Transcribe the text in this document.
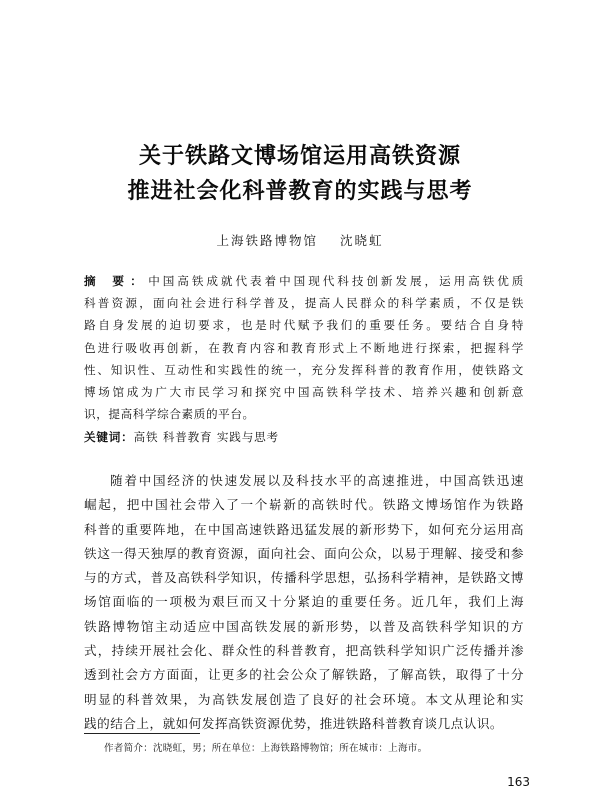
关于铁路文博场馆运用高铁资源
推进社会化科普教育的实践与思考
上海铁路博物馆 沈晓虹
摘 要：中国高铁成就代表着中国现代科技创新发展，运用高铁优质
科普资源，面向社会进行科学普及，提高人民群众的科学素质，不仅是铁
路自身发展的迫切要求，也是时代赋予我们的重要任务。要结合自身特
色进行吸收再创新，在教育内容和教育形式上不断地进行探索，把握科学
性、知识性、互动性和实践性的统一，充分发挥科普的教育作用，使铁路文
博场馆成为广大市民学习和探究中国高铁科学技术、培养兴趣和创新意
识，提高科学综合素质的平台。
关键词：高铁 科普教育 实践与思考
随着中国经济的快速发展以及科技水平的高速推进，中国高铁迅速
崛起，把中国社会带入了一个崭新的高铁时代。铁路文博场馆作为铁路
科普的重要阵地，在中国高速铁路迅猛发展的新形势下，如何充分运用高
铁这一得天独厚的教育资源，面向社会、面向公众，以易于理解、接受和参
与的方式，普及高铁科学知识，传播科学思想，弘扬科学精神，是铁路文博
场馆面临的一项极为艰巨而又十分紧迫的重要任务。近几年，我们上海
铁路博物馆主动适应中国高铁发展的新形势，以普及高铁科学知识的方
式，持续开展社会化、群众性的科普教育，把高铁科学知识广泛传播并渗
透到社会方方面面，让更多的社会公众了解铁路，了解高铁，取得了十分
明显的科普效果，为高铁发展创造了良好的社会环境。本文从理论和实
践的结合上，就如何发挥高铁资源优势，推进铁路科普教育谈几点认识。
作者简介：沈晓虹，男；所在单位：上海铁路博物馆；所在城市：上海市。
163
